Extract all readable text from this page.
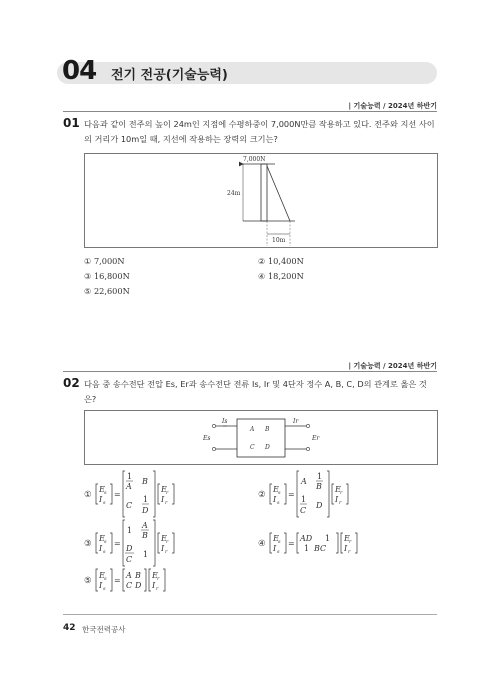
04 전기 전공(기술능력)
| 기술능력 / 2024년 하반기
01 다음과 같이 전주의 높이 24m인 지점에 수평하중이 7,000N만큼 작용하고 있다. 전주와 지선 사이의 거리가 10m일 때, 지선에 작용하는 장력의 크기는?
7,000N
24m
10m
① 7,000N	② 10,400N
③ 16,800N	④ 18,200N
⑤ 22,600N
| 기술능력 / 2024년 하반기
02 다음 중 송수전단 전압 Es, Er과 송수전단 전류 Is, Ir 및 4단자 정수 A, B, C, D의 관계로 옳은 것은?
A B
C D
Is
Es
Ir
Er
①
E s
I s
=
1
A
B
C
1
D
E r
I r
②
E s
I s
=
A
1
B
1
C
D
E r
I r
③
E s
I s
=
1
A
B
D
C
1
E r
I r
④
E s
I s
=
AD 1
1 BC
E r
I r
⑤
E s
I s
=
A B
C D
E r
I r
42 한국전력공사
